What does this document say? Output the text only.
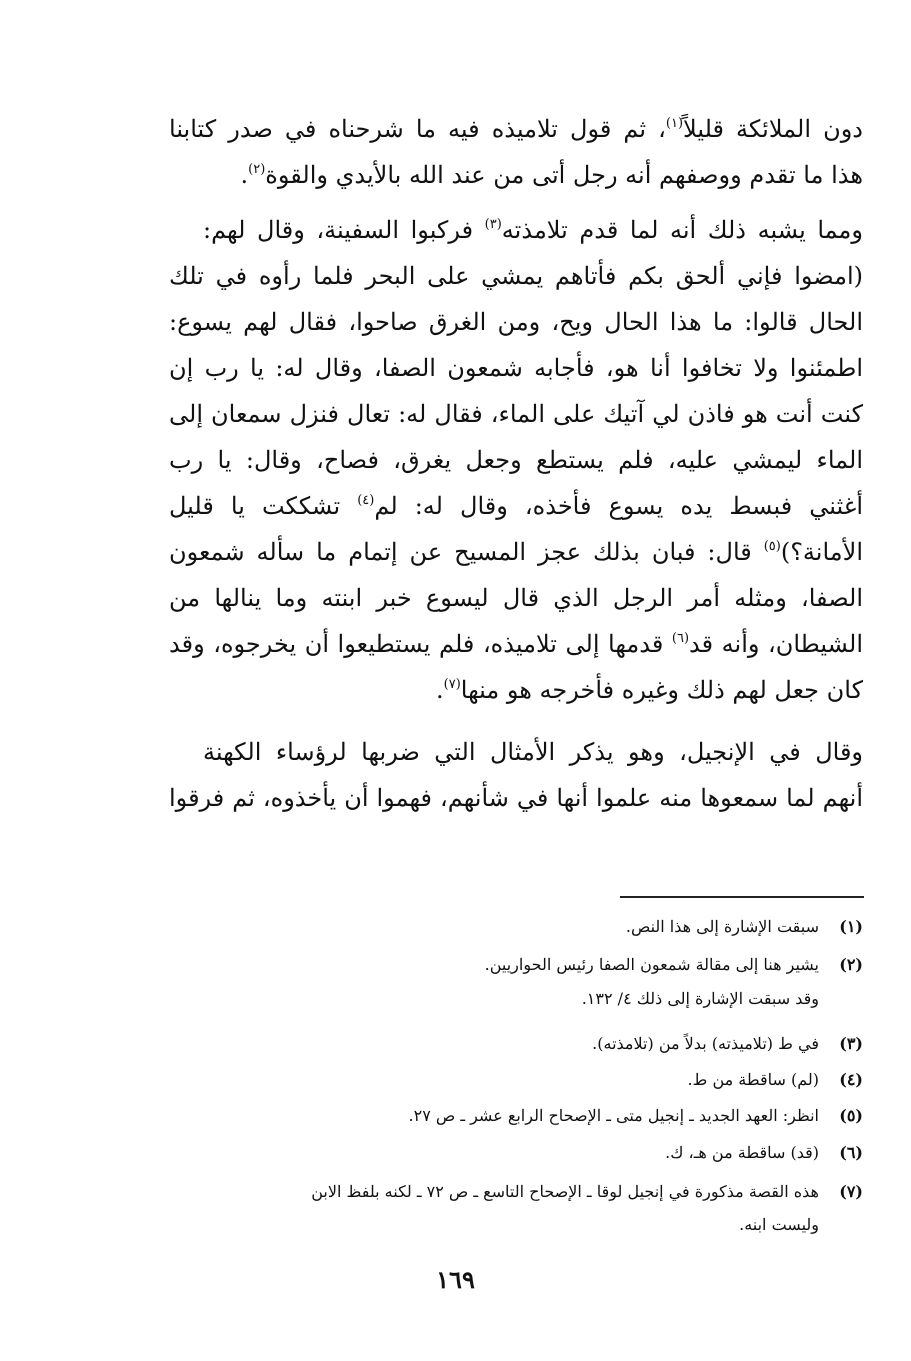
دون الملائكة قليلاً$^{(١)}$، ثم قول تلاميذه فيه ما شرحناه في صدر كتابنا
هذا ما تقدم ووصفهم أنه رجل أتى من عند الله بالأيدي والقوة$^{(٢)}$.
ومما يشبه ذلك أنه لما قدم تلامذته$^{(٣)}$ فركبوا السفينة، وقال لهم:
(امضوا فإني ألحق بكم فأتاهم يمشي على البحر فلما رأوه في تلك
الحال قالوا: ما هذا الحال ويح، ومن الغرق صاحوا، فقال لهم يسوع:
اطمئنوا ولا تخافوا أنا هو، فأجابه شمعون الصفا، وقال له: يا رب إن
كنت أنت هو فاذن لي آتيك على الماء، فقال له: تعال فنزل سمعان إلى
الماء ليمشي عليه، فلم يستطع وجعل يغرق، فصاح، وقال: يا رب
أغثني فبسط يده يسوع فأخذه، وقال له: لم$^{(٤)}$ تشككت يا قليل
الأمانة؟)$^{(٥)}$ قال: فبان بذلك عجز المسيح عن إتمام ما سأله شمعون
الصفا، ومثله أمر الرجل الذي قال ليسوع خبر ابنته وما ينالها من
الشيطان، وأنه قد$^{(٦)}$ قدمها إلى تلاميذه، فلم يستطيعوا أن يخرجوه، وقد
كان جعل لهم ذلك وغيره فأخرجه هو منها$^{(٧)}$.
وقال في الإنجيل، وهو يذكر الأمثال التي ضربها لرؤساء الكهنة
أنهم لما سمعوها منه علموا أنها في شأنهم، فهموا أن يأخذوه، ثم فرقوا
(١)سبقت الإشارة إلى هذا النص.
(٢)يشير هنا إلى مقالة شمعون الصفا رئيس الحواريين.
وقد سبقت الإشارة إلى ذلك ٤/ ١٣٢.
(٣)في ط (تلاميذته) بدلاً من (تلامذته).
(٤)(لم) ساقطة من ط.
(٥)انظر: العهد الجديد ـ إنجيل متى ـ الإصحاح الرابع عشر ـ ص ٢٧.
(٦)(قد) ساقطة من هـ، ك.
(٧)هذه القصة مذكورة في إنجيل لوقا ـ الإصحاح التاسع ـ ص ٧٢ ـ لكنه بلفظ الابن
وليست ابنه.
١٦٩
